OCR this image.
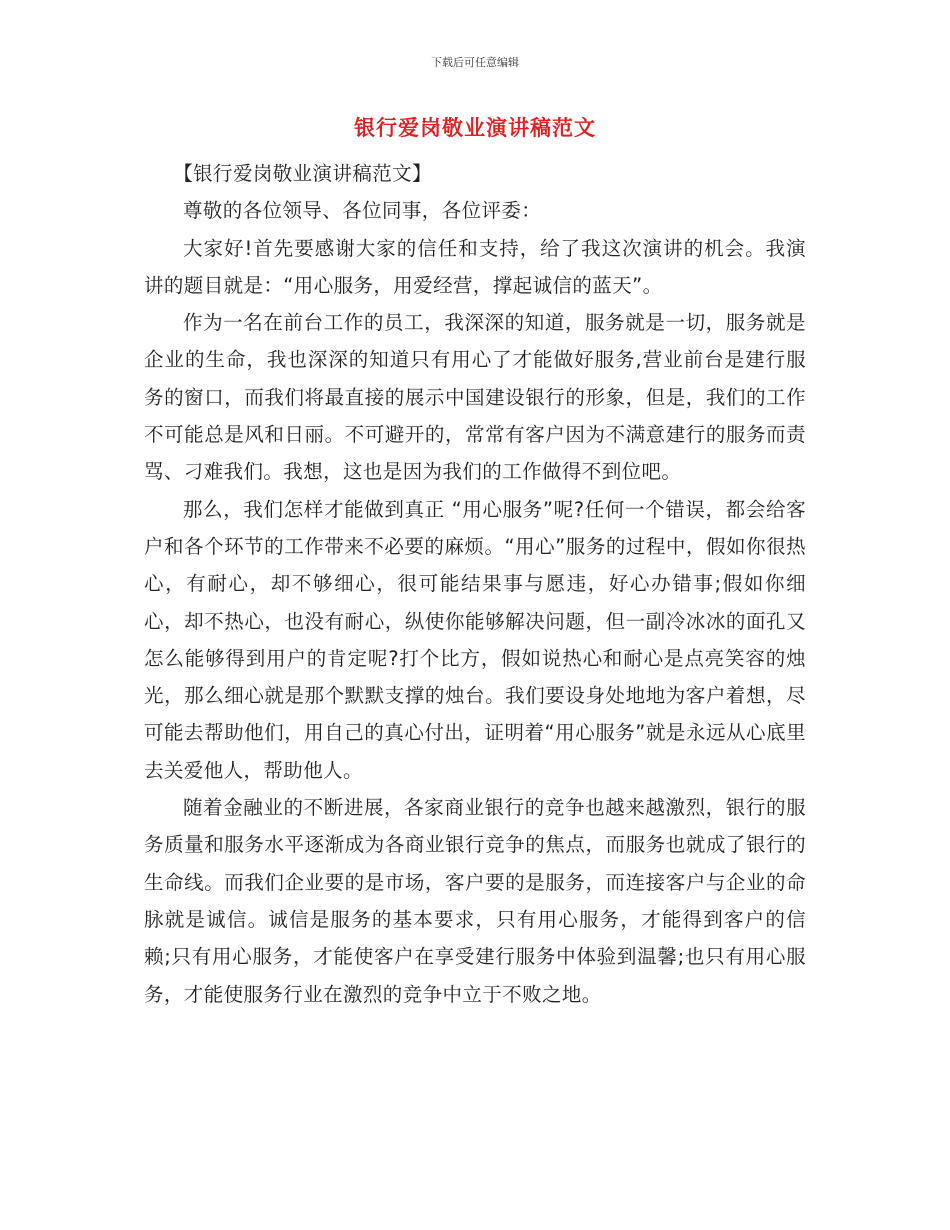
下载后可任意编辑
银行爱岗敬业演讲稿范文

【银行爱岗敬业演讲稿范文】

尊敬的各位领导、各位同事，各位评委：

大家好!首先要感谢大家的信任和支持，给了我这次演讲的机会。我演讲的题目就是：“用心服务，用爱经营，撑起诚信的蓝天”。

作为一名在前台工作的员工，我深深的知道，服务就是一切，服务就是企业的生命，我也深深的知道只有用心了才能做好服务,营业前台是建行服务的窗口，而我们将最直接的展示中国建设银行的形象，但是，我们的工作不可能总是风和日丽。不可避开的，常常有客户因为不满意建行的服务而责骂、刁难我们。我想，这也是因为我们的工作做得不到位吧。

那么，我们怎样才能做到真正 “用心服务”呢?任何一个错误，都会给客户和各个环节的工作带来不必要的麻烦。“用心”服务的过程中，假如你很热心，有耐心，却不够细心，很可能结果事与愿违，好心办错事;假如你细心，却不热心，也没有耐心，纵使你能够解决问题，但一副冷冰冰的面孔又怎么能够得到用户的肯定呢?打个比方，假如说热心和耐心是点亮笑容的烛光，那么细心就是那个默默支撑的烛台。我们要设身处地地为客户着想，尽可能去帮助他们，用自己的真心付出，证明着“用心服务”就是永远从心底里去关爱他人，帮助他人。

随着金融业的不断进展，各家商业银行的竞争也越来越激烈，银行的服务质量和服务水平逐渐成为各商业银行竞争的焦点，而服务也就成了银行的生命线。而我们企业要的是市场，客户要的是服务，而连接客户与企业的命脉就是诚信。诚信是服务的基本要求，只有用心服务，才能得到客户的信赖;只有用心服务，才能使客户在享受建行服务中体验到温馨;也只有用心服务，才能使服务行业在激烈的竞争中立于不败之地。
